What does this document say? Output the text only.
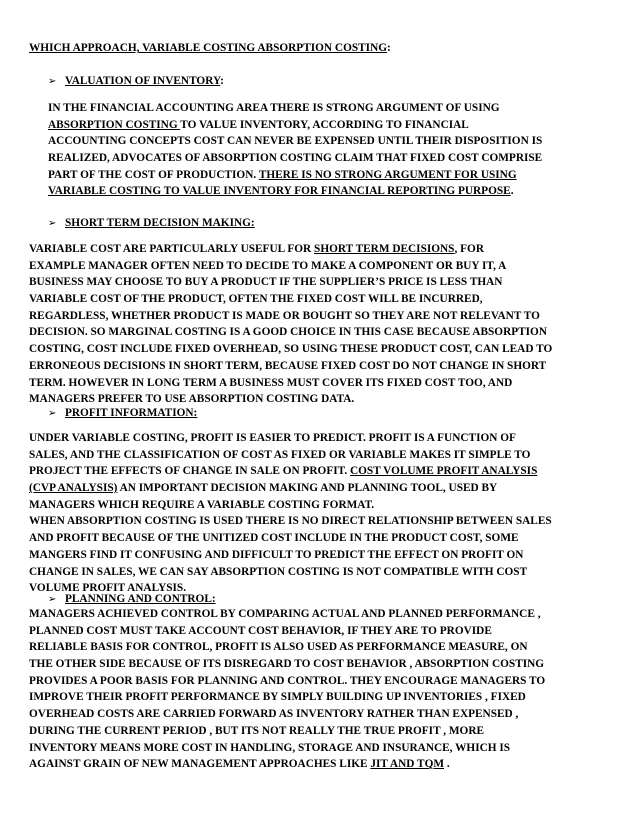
WHICH APPROACH, VARIABLE COSTING ABSORPTION COSTING:
➢ VALUATION OF INVENTORY:
IN THE FINANCIAL ACCOUNTING AREA THERE IS STRONG ARGUMENT OF USING
ABSORPTION COSTING TO VALUE INVENTORY, ACCORDING TO FINANCIAL
ACCOUNTING CONCEPTS COST CAN NEVER BE EXPENSED UNTIL THEIR DISPOSITION IS
REALIZED, ADVOCATES OF ABSORPTION COSTING CLAIM THAT FIXED COST COMPRISE
PART OF THE COST OF PRODUCTION. THERE IS NO STRONG ARGUMENT FOR USING
VARIABLE COSTING TO VALUE INVENTORY FOR FINANCIAL REPORTING PURPOSE.
➢ SHORT TERM DECISION MAKING:
VARIABLE COST ARE PARTICULARLY USEFUL FOR SHORT TERM DECISIONS, FOR
EXAMPLE MANAGER OFTEN NEED TO DECIDE TO MAKE A COMPONENT OR BUY IT, A
BUSINESS MAY CHOOSE TO BUY A PRODUCT IF THE SUPPLIER’S PRICE IS LESS THAN
VARIABLE COST OF THE PRODUCT, OFTEN THE FIXED COST WILL BE INCURRED,
REGARDLESS, WHETHER PRODUCT IS MADE OR BOUGHT SO THEY ARE NOT RELEVANT TO
DECISION. SO MARGINAL COSTING IS A GOOD CHOICE IN THIS CASE BECAUSE ABSORPTION
COSTING, COST INCLUDE FIXED OVERHEAD, SO USING THESE PRODUCT COST, CAN LEAD TO
ERRONEOUS DECISIONS IN SHORT TERM, BECAUSE FIXED COST DO NOT CHANGE IN SHORT
TERM. HOWEVER IN LONG TERM A BUSINESS MUST COVER ITS FIXED COST TOO, AND
MANAGERS PREFER TO USE ABSORPTION COSTING DATA.
➢ PROFIT INFORMATION:
UNDER VARIABLE COSTING, PROFIT IS EASIER TO PREDICT. PROFIT IS A FUNCTION OF
SALES, AND THE CLASSIFICATION OF COST AS FIXED OR VARIABLE MAKES IT SIMPLE TO
PROJECT THE EFFECTS OF CHANGE IN SALE ON PROFIT. COST VOLUME PROFIT ANALYSIS
(CVP ANALYSIS) AN IMPORTANT DECISION MAKING AND PLANNING TOOL, USED BY
MANAGERS WHICH REQUIRE A VARIABLE COSTING FORMAT.
WHEN ABSORPTION COSTING IS USED THERE IS NO DIRECT RELATIONSHIP BETWEEN SALES
AND PROFIT BECAUSE OF THE UNITIZED COST INCLUDE IN THE PRODUCT COST, SOME
MANGERS FIND IT CONFUSING AND DIFFICULT TO PREDICT THE EFFECT ON PROFIT ON
CHANGE IN SALES, WE CAN SAY ABSORPTION COSTING IS NOT COMPATIBLE WITH COST
VOLUME PROFIT ANALYSIS.
➢ PLANNING AND CONTROL:
MANAGERS ACHIEVED CONTROL BY COMPARING ACTUAL AND PLANNED PERFORMANCE ,
PLANNED COST MUST TAKE ACCOUNT COST BEHAVIOR, IF THEY ARE TO PROVIDE
RELIABLE BASIS FOR CONTROL, PROFIT IS ALSO USED AS PERFORMANCE MEASURE, ON
THE OTHER SIDE BECAUSE OF ITS DISREGARD TO COST BEHAVIOR , ABSORPTION COSTING
PROVIDES A POOR BASIS FOR PLANNING AND CONTROL. THEY ENCOURAGE MANAGERS TO
IMPROVE THEIR PROFIT PERFORMANCE BY SIMPLY BUILDING UP INVENTORIES , FIXED
OVERHEAD COSTS ARE CARRIED FORWARD AS INVENTORY RATHER THAN EXPENSED ,
DURING THE CURRENT PERIOD , BUT ITS NOT REALLY THE TRUE PROFIT , MORE
INVENTORY MEANS MORE COST IN HANDLING, STORAGE AND INSURANCE, WHICH IS
AGAINST GRAIN OF NEW MANAGEMENT APPROACHES LIKE JIT AND TQM .
